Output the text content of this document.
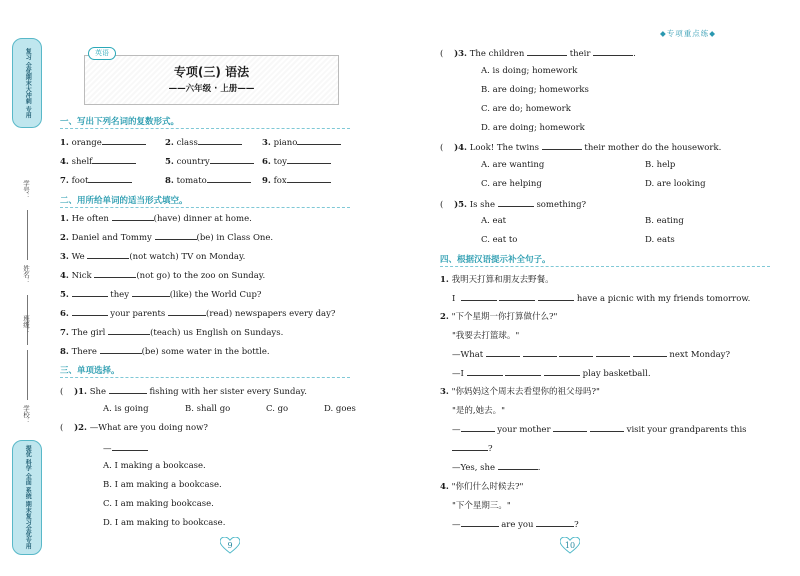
复习 全优期末大冲刺 专用
学号：
姓名：
班级：
学校：
提优 科学 全面 系统 期末复习全优专用
◆专项重点练◆
英语
专项(三) 语法
——六年级 · 上册——
一、写出下列名词的复数形式。
1. orange	2. class	3. piano
4. shelf	5. country	6. toy
7. foot	8. tomato	9. fox
二、用所给单词的适当形式填空。
1. He often	(have) dinner at home.
2. Daniel and Tommy	(be) in Class One.
3. We	(not watch) TV on Monday.
4. Nick	(not go) to the zoo on Sunday.
5.	they	(like) the World Cup?
6.	your parents	(read) newspapers every day?
7. The girl	(teach) us English on Sundays.
8. There	(be) some water in the bottle.
三、单项选择。
(    )1. She	fishing with her sister every Sunday.
A. is going	B. shall go	C. go	D. goes
(    )2. —What are you doing now?
—
A. I making a bookcase.
B. I am making a bookcase.
C. I am making bookcase.
D. I am making to bookcase.
(    )3. The children	their	.
A. is doing; homework
B. are doing; homeworks
C. are do; homework
D. are doing; homework
(    )4. Look! The twins	their mother do the housework.
A. are wanting	B. help
C. are helping	D. are looking
(    )5. Is she	something?
A. eat	B. eating
C. eat to	D. eats
四、根据汉语提示补全句子。
1. 我明天打算和朋友去野餐。
I	have a picnic with my friends tomorrow.
2. "下个星期一你打算做什么?"
"我要去打篮球。"
—What	next Monday?
—I	play basketball.
3. "你妈妈这个周末去看望你的祖父母吗?"
"是的,她去。"
—	your mother	visit your grandparents this
?
—Yes, she	.
4. "你们什么时候去?"
"下个星期三。"
—	are you	?
9	10
